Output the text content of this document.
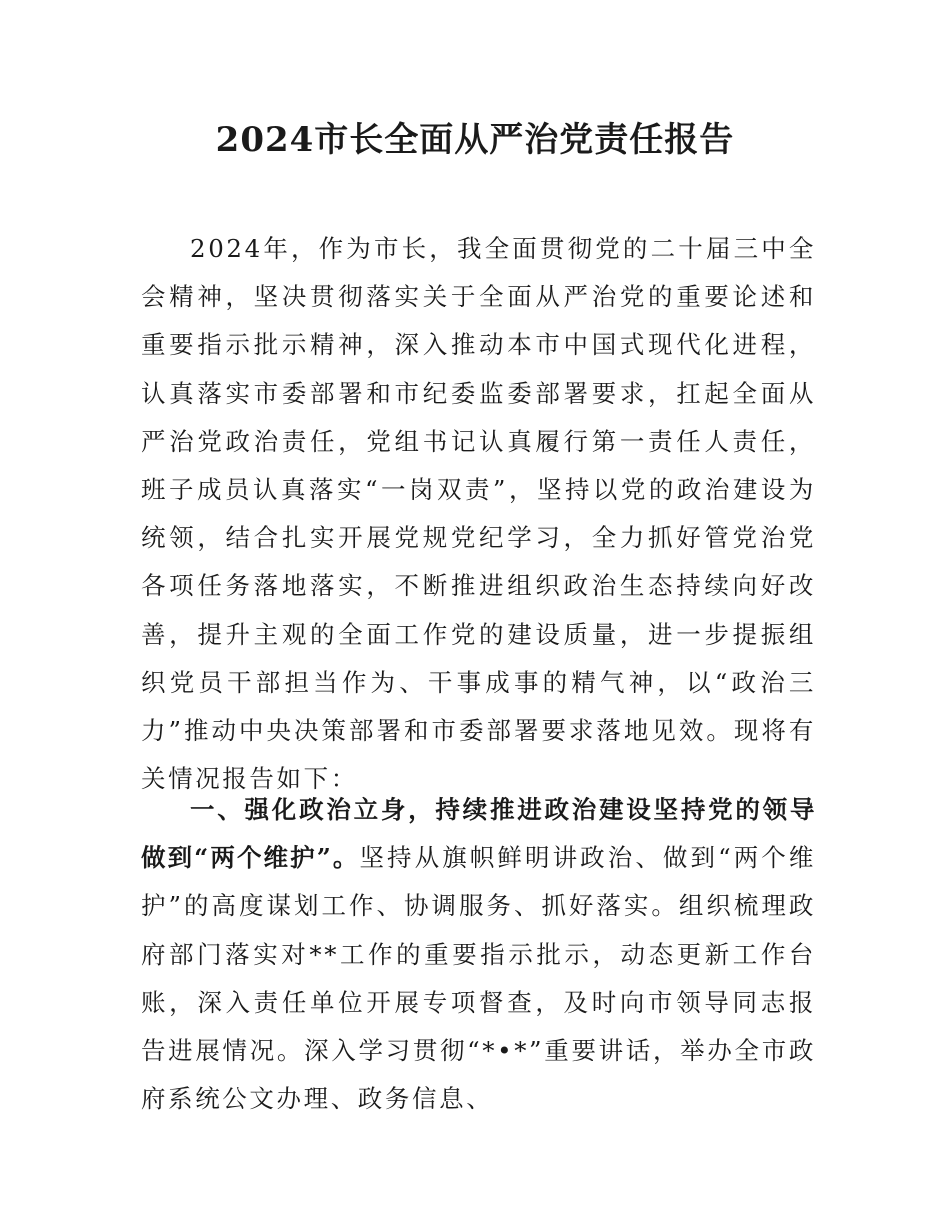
2024市长全面从严治党责任报告

2024年，作为市长，我全面贯彻党的二十届三中全会精神，坚决贯彻落实关于全面从严治党的重要论述和重要指示批示精神，深入推动本市中国式现代化进程，认真落实市委部署和市纪委监委部署要求，扛起全面从严治党政治责任，党组书记认真履行第一责任人责任，班子成员认真落实“一岗双责”，坚持以党的政治建设为统领，结合扎实开展党规党纪学习，全力抓好管党治党各项任务落地落实，不断推进组织政治生态持续向好改善，提升主观的全面工作党的建设质量，进一步提振组织党员干部担当作为、干事成事的精气神，以“政治三力”推动中央决策部署和市委部署要求落地见效。现将有关情况报告如下：

一、强化政治立身，持续推进政治建设坚持党的领导做到“两个维护”。坚持从旗帜鲜明讲政治、做到“两个维护”的高度谋划工作、协调服务、抓好落实。组织梳理政府部门落实对**工作的重要指示批示，动态更新工作台账，深入责任单位开展专项督查，及时向市领导同志报告进展情况。深入学习贯彻“*•*”重要讲话，举办全市政府系统公文办理、政务信息、
